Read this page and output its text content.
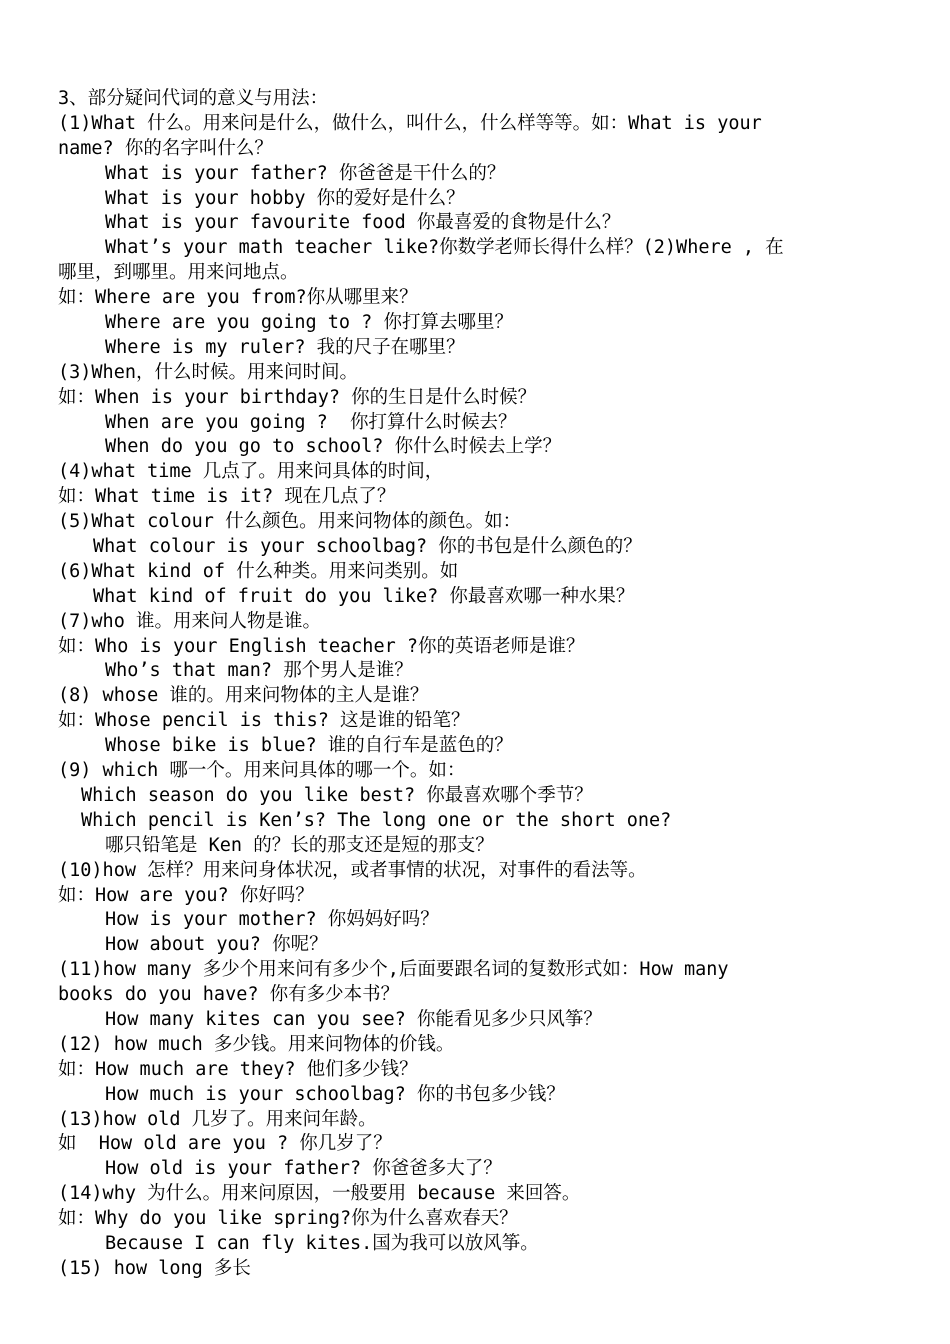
3、部分疑问代词的意义与用法：
(1)What 什么。用来问是什么，做什么，叫什么，什么样等等。如：What is your
name? 你的名字叫什么？
What is your father? 你爸爸是干什么的？
What is your hobby 你的爱好是什么？
What is your favourite food 你最喜爱的食物是什么？
What’s your math teacher like?你数学老师长得什么样？(2)Where , 在
哪里，到哪里。用来问地点。
如：Where are you from?你从哪里来？
Where are you going to ? 你打算去哪里？
Where is my ruler? 我的尺子在哪里？
(3)When，什么时候。用来问时间。
如：When is your birthday? 你的生日是什么时候？
When are you going ?  你打算什么时候去？
When do you go to school? 你什么时候去上学？
(4)what time 几点了。用来问具体的时间，
如：What time is it? 现在几点了？
(5)What colour 什么颜色。用来问物体的颜色。如：
What colour is your schoolbag? 你的书包是什么颜色的？
(6)What kind of 什么种类。用来问类别。如
What kind of fruit do you like? 你最喜欢哪一种水果？
(7)who 谁。用来问人物是谁。
如：Who is your English teacher ?你的英语老师是谁？
Who’s that man? 那个男人是谁？
(8) whose 谁的。用来问物体的主人是谁？
如：Whose pencil is this? 这是谁的铅笔？
Whose bike is blue? 谁的自行车是蓝色的？
(9) which 哪一个。用来问具体的哪一个。如：
Which season do you like best? 你最喜欢哪个季节？
Which pencil is Ken’s? The long one or the short one?
哪只铅笔是 Ken 的？长的那支还是短的那支？
(10)how 怎样？用来问身体状况，或者事情的状况，对事件的看法等。
如：How are you? 你好吗？
How is your mother? 你妈妈好吗？
How about you? 你呢？
(11)how many 多少个用来问有多少个,后面要跟名词的复数形式如：How many
books do you have? 你有多少本书？
How many kites can you see? 你能看见多少只风筝？
(12) how much 多少钱。用来问物体的价钱。
如：How much are they? 他们多少钱？
How much is your schoolbag? 你的书包多少钱？
(13)how old 几岁了。用来问年龄。
如  How old are you ? 你几岁了？
How old is your father? 你爸爸多大了？
(14)why 为什么。用来问原因，一般要用 because 来回答。
如：Why do you like spring?你为什么喜欢春天？
Because I can fly kites.国为我可以放风筝。
(15) how long 多长
